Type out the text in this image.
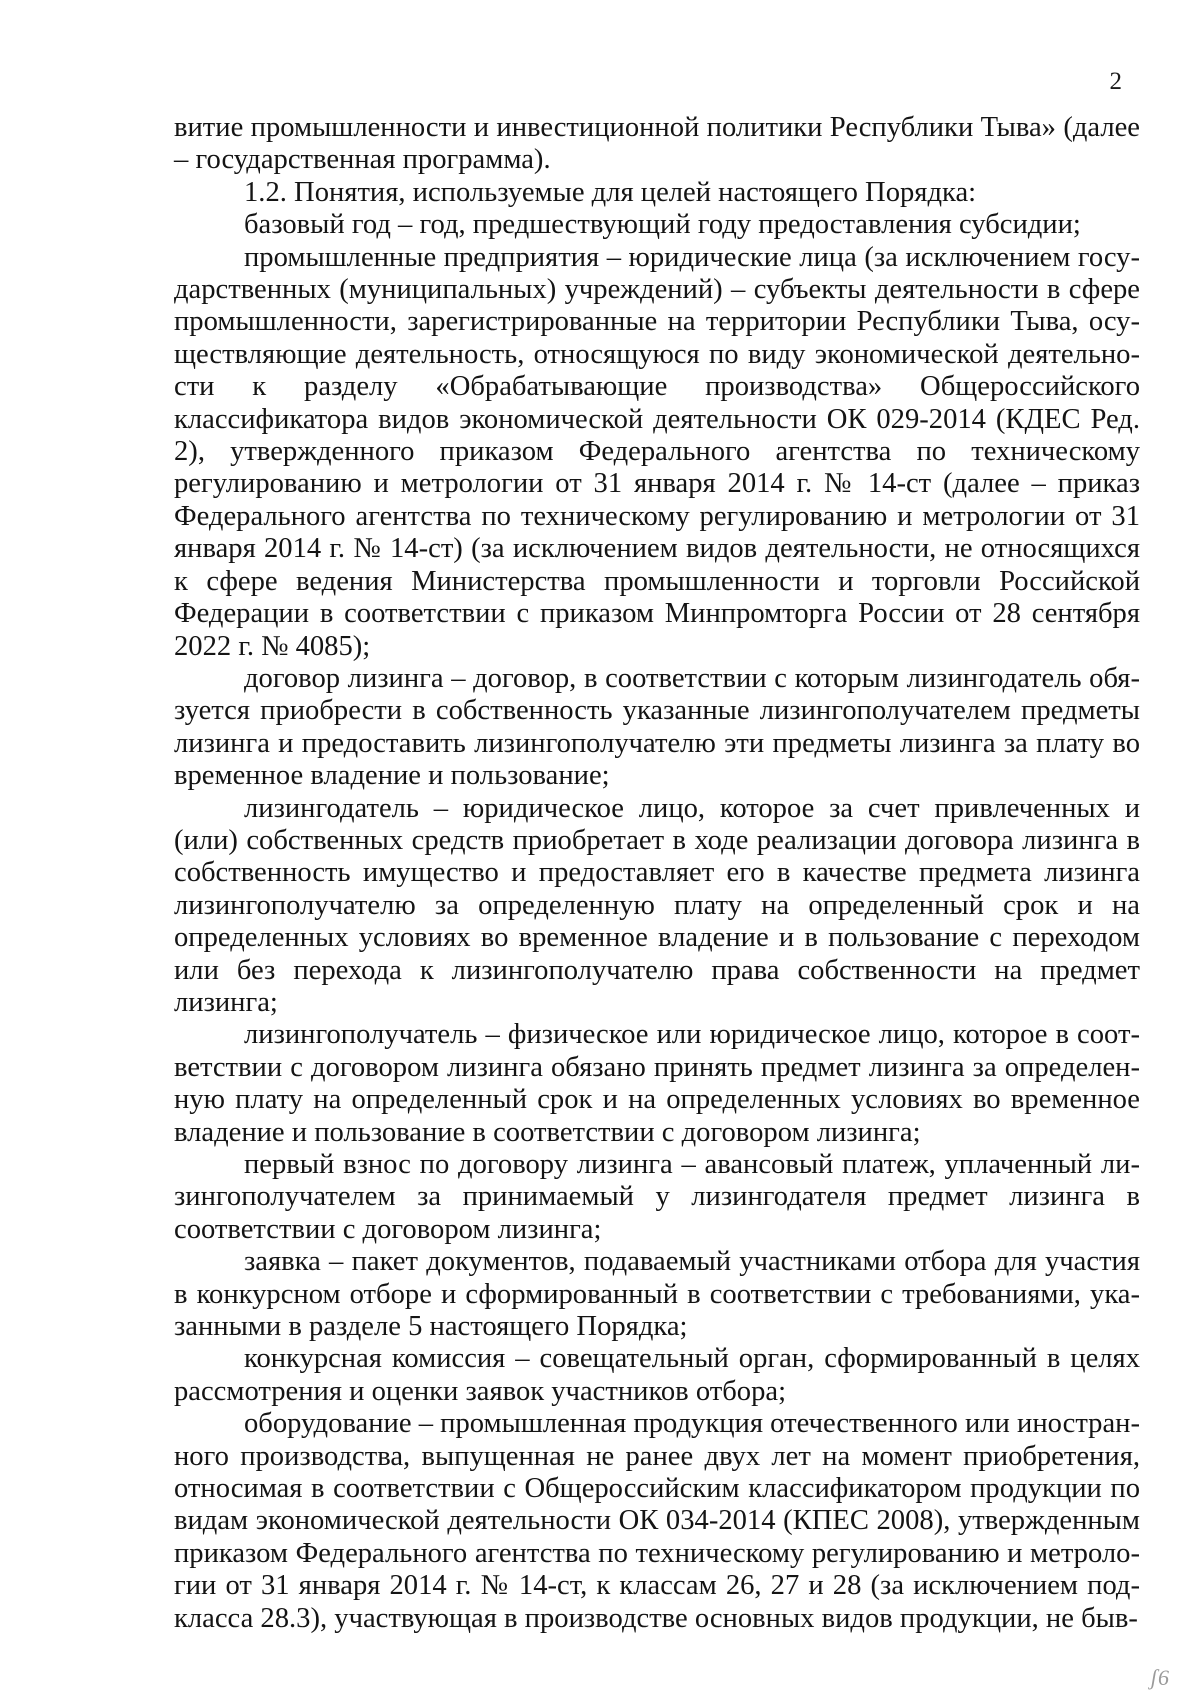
2

витие промышленности и инвестиционной политики Республики Тыва» (далее – государственная программа).

1.2. Понятия, используемые для целей настоящего Порядка:

базовый год – год, предшествующий году предоставления субсидии;

промышленные предприятия – юридические лица (за исключением государственных (муниципальных) учреждений) – субъекты деятельности в сфере промышленности, зарегистрированные на территории Республики Тыва, осуществляющие деятельность, относящуюся по виду экономической деятельности к разделу «Обрабатывающие производства» Общероссийского классификатора видов экономической деятельности ОК 029-2014 (КДЕС Ред. 2), утвержденного приказом Федерального агентства по техническому регулированию и метрологии от 31 января 2014 г. № 14-ст (далее – приказ Федерального агентства по техническому регулированию и метрологии от 31 января 2014 г. № 14-ст) (за исключением видов деятельности, не относящихся к сфере ведения Министерства промышленности и торговли Российской Федерации в соответствии с приказом Минпромторга России от 28 сентября 2022 г. № 4085);

договор лизинга – договор, в соответствии с которым лизингодатель обязуется приобрести в собственность указанные лизингополучателем предметы лизинга и предоставить лизингополучателю эти предметы лизинга за плату во временное владение и пользование;

лизингодатель – юридическое лицо, которое за счет привлеченных и (или) собственных средств приобретает в ходе реализации договора лизинга в собственность имущество и предоставляет его в качестве предмета лизинга лизингополучателю за определенную плату на определенный срок и на определенных условиях во временное владение и в пользование с переходом или без перехода к лизингополучателю права собственности на предмет лизинга;

лизингополучатель – физическое или юридическое лицо, которое в соответствии с договором лизинга обязано принять предмет лизинга за определенную плату на определенный срок и на определенных условиях во временное владение и пользование в соответствии с договором лизинга;

первый взнос по договору лизинга – авансовый платеж, уплаченный лизингополучателем за принимаемый у лизингодателя предмет лизинга в соответствии с договором лизинга;

заявка – пакет документов, подаваемый участниками отбора для участия в конкурсном отборе и сформированный в соответствии с требованиями, указанными в разделе 5 настоящего Порядка;

конкурсная комиссия – совещательный орган, сформированный в целях рассмотрения и оценки заявок участников отбора;

оборудование – промышленная продукция отечественного или иностранного производства, выпущенная не ранее двух лет на момент приобретения, относимая в соответствии с Общероссийским классификатором продукции по видам экономической деятельности ОК 034-2014 (КПЕС 2008), утвержденным приказом Федерального агентства по техническому регулированию и метрологии от 31 января 2014 г. № 14-ст, к классам 26, 27 и 28 (за исключением подкласса 28.3), участвующая в производстве основных видов продукции, не быв-

ʃ6
